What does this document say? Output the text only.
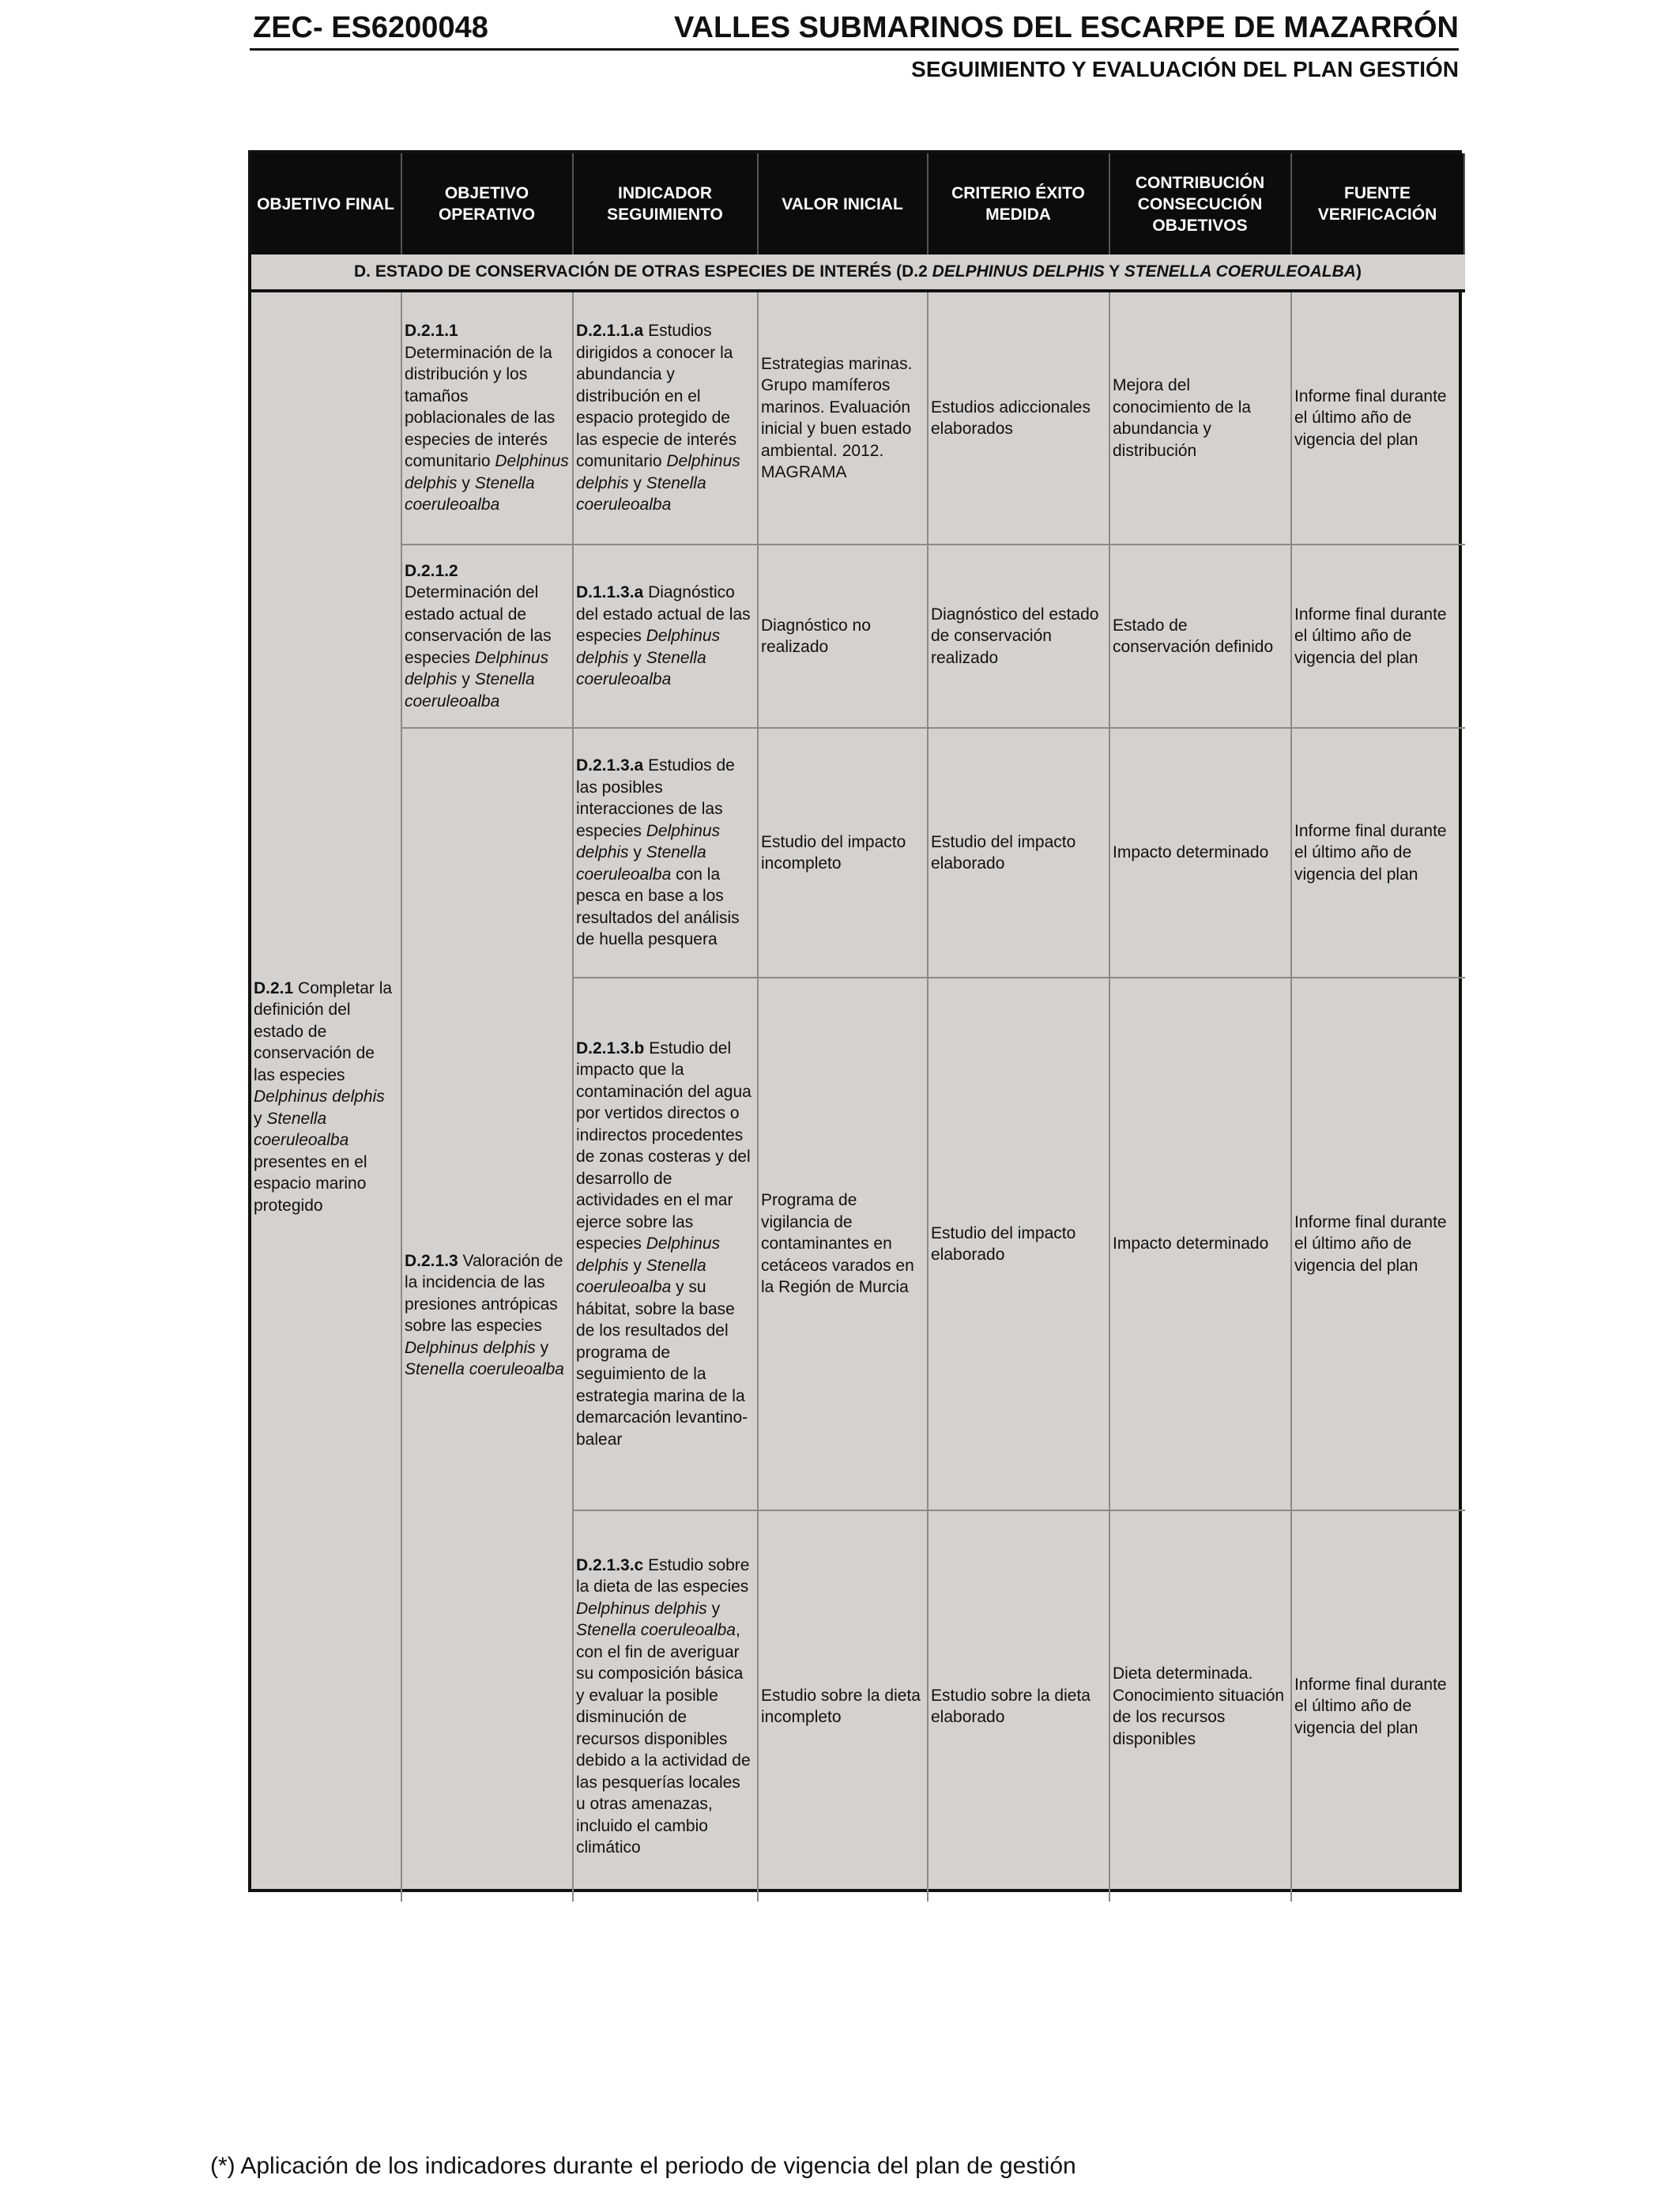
ZEC- ES6200048	VALLES SUBMARINOS DEL ESCARPE DE MAZARRÓN
SEGUIMIENTO Y EVALUACIÓN DEL PLAN GESTIÓN
OBJETIVO FINAL
OBJETIVO OPERATIVO
INDICADOR SEGUIMIENTO
VALOR INICIAL
CRITERIO ÉXITO MEDIDA
CONTRIBUCIÓN CONSECUCIÓN OBJETIVOS
FUENTE VERIFICACIÓN
D. ESTADO DE CONSERVACIÓN DE OTRAS ESPECIES DE INTERÉS (D.2 DELPHINUS DELPHIS Y STENELLA COERULEOALBA)
D.2.1 Completar la definición del estado de conservación de las especies Delphinus delphis y Stenella coeruleoalba presentes en el espacio marino protegido
D.2.1.1 Determinación de la distribución y los tamaños poblacionales de las especies de interés comunitario Delphinus delphis y Stenella coeruleoalba
D.2.1.2 Determinación del estado actual de conservación de las especies Delphinus delphis y Stenella coeruleoalba
D.2.1.3 Valoración de la incidencia de las presiones antrópicas sobre las especies Delphinus delphis y Stenella coeruleoalba
D.2.1.1.a Estudios dirigidos a conocer la abundancia y distribución en el espacio protegido de las especie de interés comunitario Delphinus delphis y Stenella coeruleoalba
Estrategias marinas. Grupo mamíferos marinos. Evaluación inicial y buen estado ambiental. 2012. MAGRAMA
Estudios adiccionales elaborados
Mejora del conocimiento de la abundancia y distribución
Informe final durante el último año de vigencia del plan
D.1.1.3.a Diagnóstico del estado actual de las especies Delphinus delphis y Stenella coeruleoalba
Diagnóstico no realizado
Diagnóstico del estado de conservación realizado
Estado de conservación definido
Informe final durante el último año de vigencia del plan
D.2.1.3.a Estudios de las posibles interacciones de las especies Delphinus delphis y Stenella coeruleoalba con la pesca en base a los resultados del análisis de huella pesquera
Estudio del impacto incompleto
Estudio del impacto elaborado
Impacto determinado
Informe final durante el último año de vigencia del plan
D.2.1.3.b Estudio del impacto que la contaminación del agua por vertidos directos o indirectos procedentes de zonas costeras y del desarrollo de actividades en el mar ejerce sobre las especies Delphinus delphis y Stenella coeruleoalba y su hábitat, sobre la base de los resultados del programa de seguimiento de la estrategia marina de la demarcación levantino-balear
Programa de vigilancia de contaminantes en cetáceos varados en la Región de Murcia
Estudio del impacto elaborado
Impacto determinado
Informe final durante el último año de vigencia del plan
D.2.1.3.c Estudio sobre la dieta de las especies Delphinus delphis y Stenella coeruleoalba, con el fin de averiguar su composición básica y evaluar la posible disminución de recursos disponibles debido a la actividad de las pesquerías locales u otras amenazas, incluido el cambio climático
Estudio sobre la dieta incompleto
Estudio sobre la dieta elaborado
Dieta determinada. Conocimiento situación de los recursos disponibles
Informe final durante el último año de vigencia del plan
(*) Aplicación de los indicadores durante el periodo de vigencia del plan de gestión
